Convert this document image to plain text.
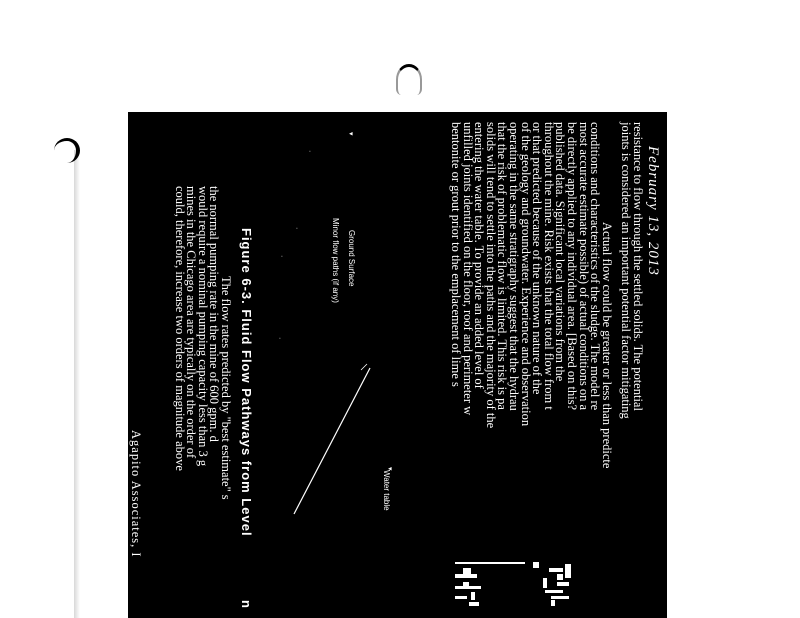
February 13, 2013

resistance to flow through the settled solids. The potential

joints is considered an important potential factor mitigating

Actual flow could be greater or less than predicte

conditions and characteristics of the sludge. The model re

most accurate estimate possible) of actual conditions on a

be directly applied to any individual area. [Based on this?

published data. Significant local variations from the

throughout the mine. Risk exists that the total flow from t

or that predicted because of the unknown nature of the

of the geology and groundwater. Experience and observation

operating in the same stratigraphy suggest that the hydrau

that the risk of problematic flow is limited. This risk is pa

solids will tend to settle into the paths and the majority of the

entering the water table. To provide an added level of

unfilled joints identified on the floor, roof and perimeter w

bentonite or grout prior to the emplacement of lime s

Ground Surface
Minor flow paths (if any)
Water table
▾
·
·
·
·
▾
Figure 6-3. Fluid Flow Pathways from Level
n

The flow rates predicted by "best estimate" s

the normal pumping rate in the mine of 600 gpm. d

would require a nominal pumping capacity less than 3 g

mines in the Chicago area are typically on the order of

could, therefore, increase two orders of magnitude above

Agapito Associates, I
